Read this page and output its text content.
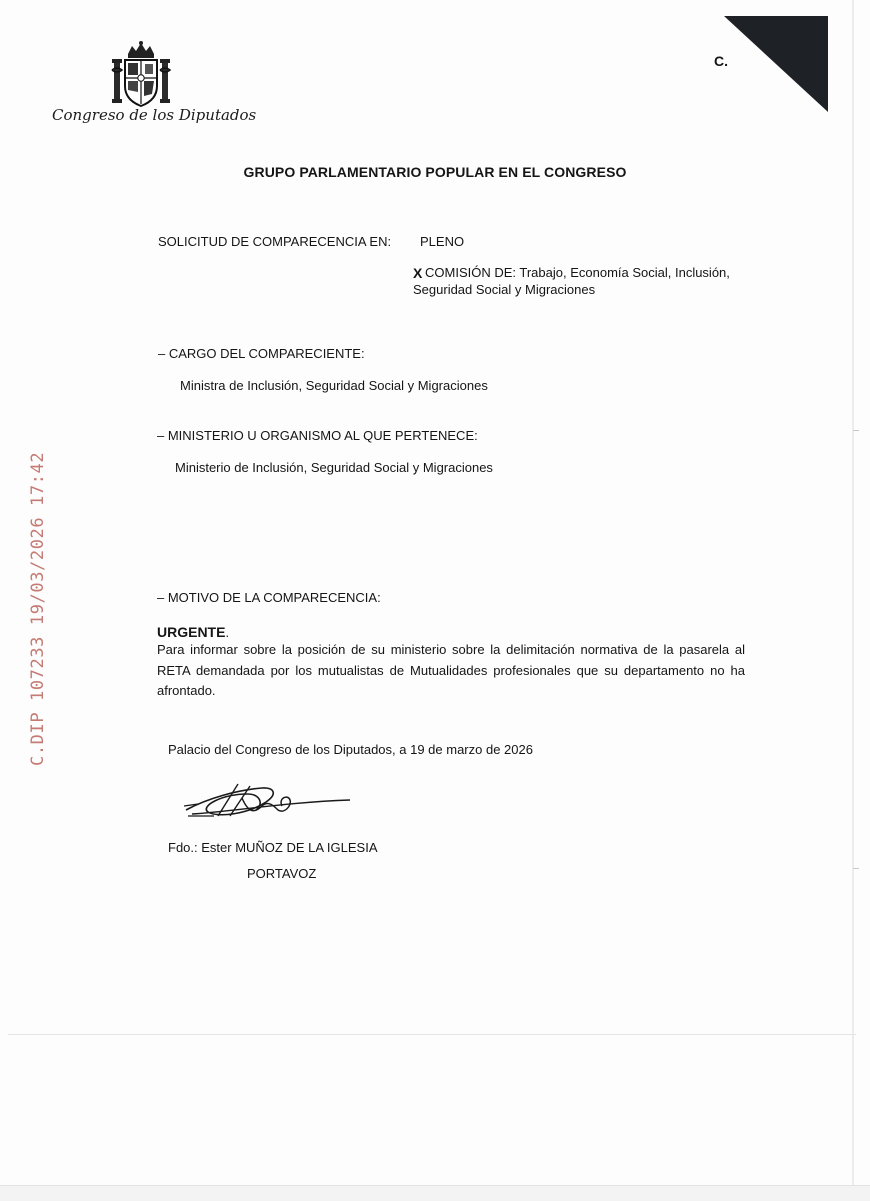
Congreso de los Diputados
C.
GRUPO PARLAMENTARIO POPULAR EN EL CONGRESO
SOLICITUD DE COMPARECENCIA EN: PLENO
X COMISIÓN DE: Trabajo, Economía Social, Inclusión,
Seguridad Social y Migraciones
– CARGO DEL COMPARECIENTE:
Ministra de Inclusión, Seguridad Social y Migraciones
– MINISTERIO U ORGANISMO AL QUE PERTENECE:
Ministerio de Inclusión, Seguridad Social y Migraciones
– MOTIVO DE LA COMPARECENCIA:
URGENTE.
Para informar sobre la posición de su ministerio sobre la delimitación normativa de la pasarela al RETA demandada por los mutualistas de Mutualidades profesionales que su departamento no ha afrontado.
Palacio del Congreso de los Diputados, a 19 de marzo de 2026
Fdo.: Ester MUÑOZ DE LA IGLESIA
PORTAVOZ
C.DIP 107233 19/03/2026 17:42
